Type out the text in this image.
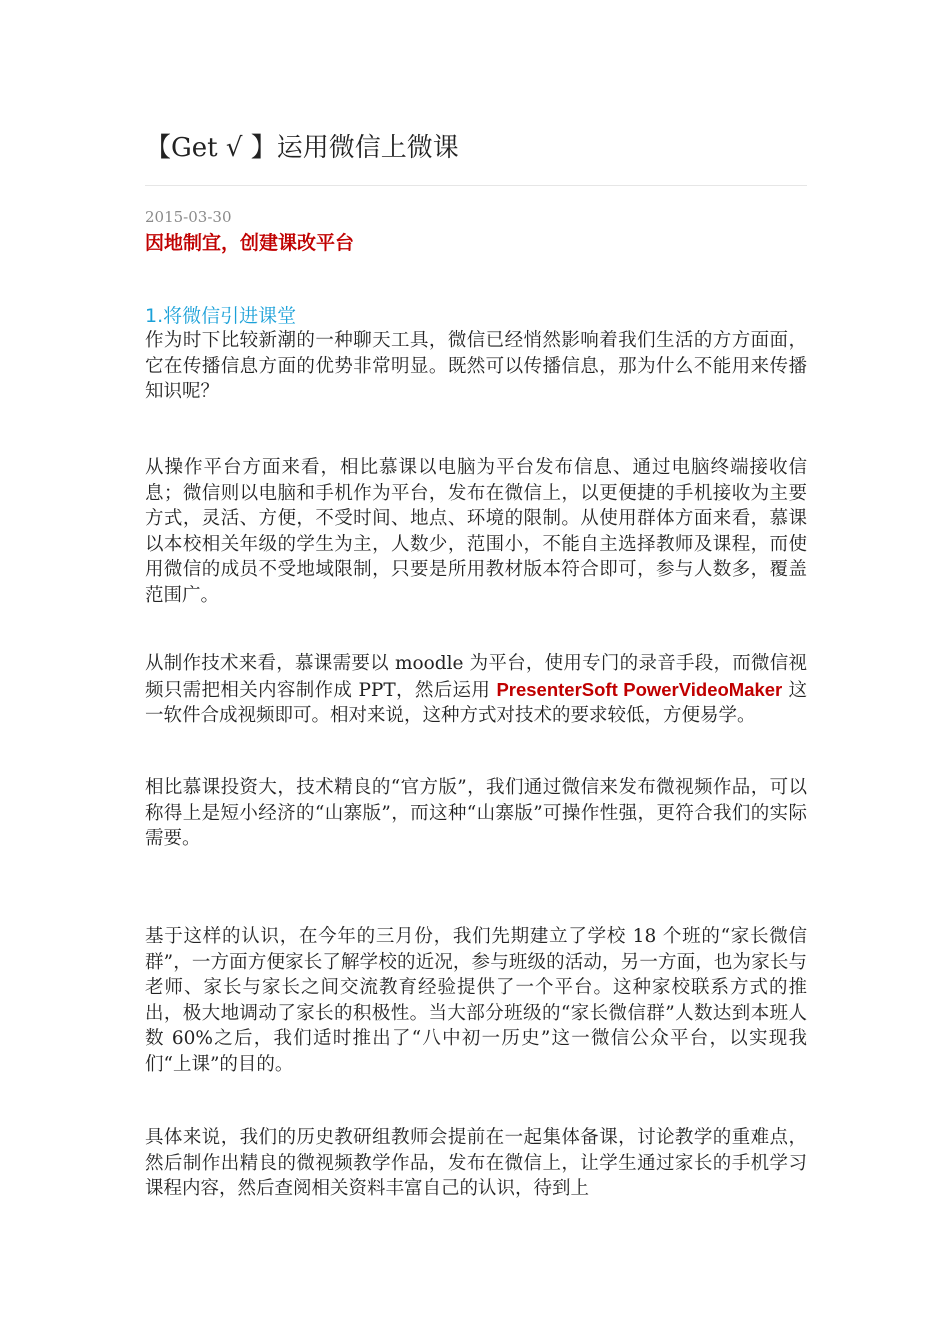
【Get √ 】运用微信上微课
2015-03-30
因地制宜，创建课改平台
1.将微信引进课堂

作为时下比较新潮的一种聊天工具，微信已经悄然影响着我们生活的方方面面，它在传播信息方面的优势非常明显。既然可以传播信息，那为什么不能用来传播知识呢？

从操作平台方面来看，相比慕课以电脑为平台发布信息、通过电脑终端接收信息；微信则以电脑和手机作为平台，发布在微信上，以更便捷的手机接收为主要方式，灵活、方便，不受时间、地点、环境的限制。从使用群体方面来看，慕课以本校相关年级的学生为主，人数少，范围小，不能自主选择教师及课程，而使用微信的成员不受地域限制，只要是所用教材版本符合即可，参与人数多，覆盖范围广。

从制作技术来看，慕课需要以 moodle 为平台，使用专门的录音手段，而微信视频只需把相关内容制作成 PPT，然后运用 PresenterSoft PowerVideoMaker 这一软件合成视频即可。相对来说，这种方式对技术的要求较低，方便易学。

相比慕课投资大，技术精良的“官方版”，我们通过微信来发布微视频作品，可以称得上是短小经济的“山寨版”，而这种“山寨版”可操作性强，更符合我们的实际需要。

基于这样的认识，在今年的三月份，我们先期建立了学校 18 个班的“家长微信群”，一方面方便家长了解学校的近况，参与班级的活动，另一方面，也为家长与老师、家长与家长之间交流教育经验提供了一个平台。这种家校联系方式的推出，极大地调动了家长的积极性。当大部分班级的“家长微信群”人数达到本班人数 60%之后，我们适时推出了“八中初一历史”这一微信公众平台，以实现我们“上课”的目的。

具体来说，我们的历史教研组教师会提前在一起集体备课，讨论教学的重难点，然后制作出精良的微视频教学作品，发布在微信上，让学生通过家长的手机学习课程内容，然后查阅相关资料丰富自己的认识，待到上
